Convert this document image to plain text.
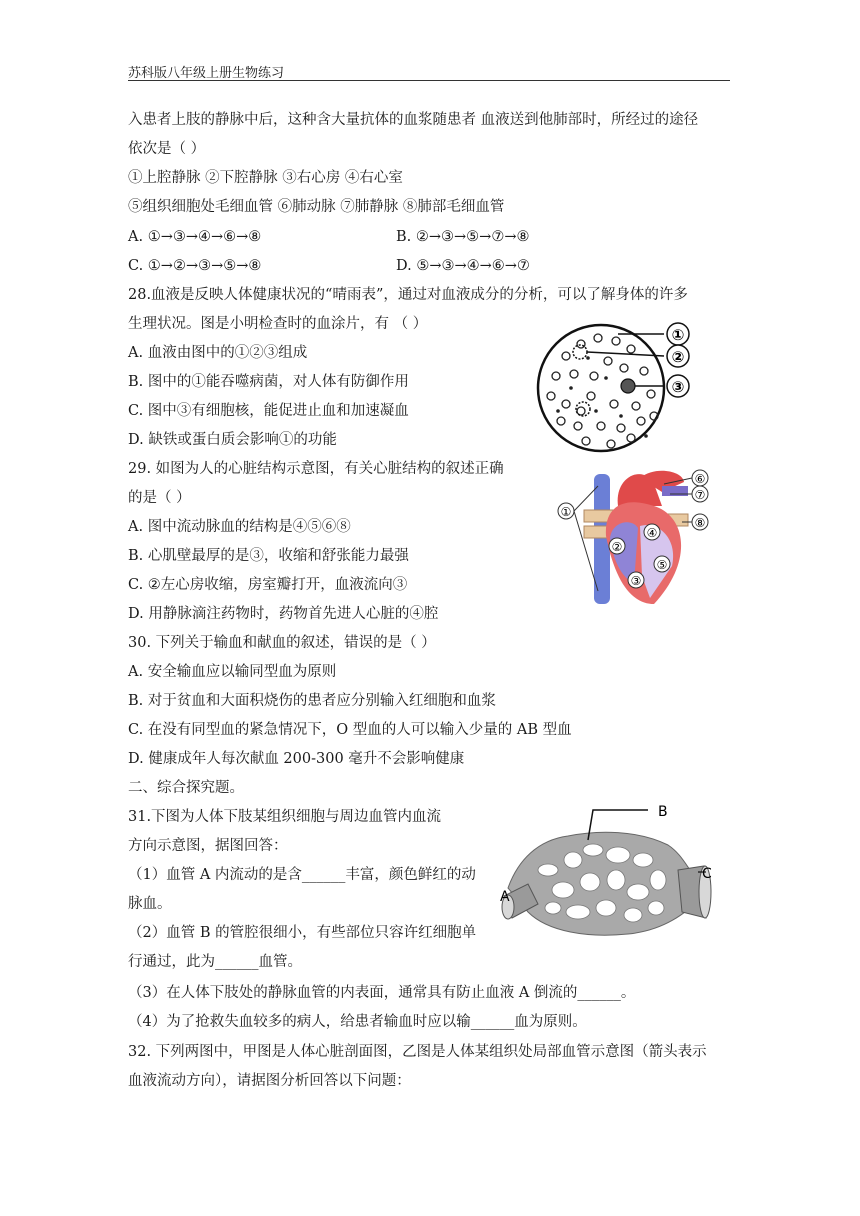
苏科版八年级上册生物练习
入患者上肢的静脉中后，这种含大量抗体的血浆随患者 血液送到他肺部时，所经过的途径
依次是（ ）
①上腔静脉 ②下腔静脉 ③右心房 ④右心室
⑤组织细胞处毛细血管 ⑥肺动脉 ⑦肺静脉 ⑧肺部毛细血管
A. ①→③→④→⑥→⑧	B. ②→③→⑤→⑦→⑧
C. ①→②→③→⑤→⑧	D. ⑤→③→④→⑥→⑦
28.血液是反映人体健康状况的“晴雨表”，通过对血液成分的分析，可以了解身体的许多
生理状况。图是小明检查时的血涂片，有 （ ）
A. 血液由图中的①②③组成
B. 图中的①能吞噬病菌，对人体有防御作用
C. 图中③有细胞核，能促进止血和加速凝血
D. 缺铁或蛋白质会影响①的功能
29. 如图为人的心脏结构示意图，有关心脏结构的叙述正确
的是（ ）
A. 图中流动脉血的结构是④⑤⑥⑧
B. 心肌壁最厚的是③，收缩和舒张能力最强
C. ②左心房收缩，房室瓣打开，血液流向③
D. 用静脉滴注药物时，药物首先进人心脏的④腔
30. 下列关于输血和献血的叙述，错误的是（ ）
A. 安全输血应以输同型血为原则
B. 对于贫血和大面积烧伤的患者应分别输入红细胞和血浆
C. 在没有同型血的紧急情况下，O 型血的人可以输入少量的 AB 型血
D. 健康成年人每次献血 200-300 毫升不会影响健康
二、综合探究题。
31.下图为人体下肢某组织细胞与周边血管内血流
方向示意图，据图回答：
（1）血管 A 内流动的是含______丰富，颜色鲜红的动
脉血。
（2）血管 B 的管腔很细小，有些部位只容许红细胞单
行通过，此为______血管。
（3）在人体下肢处的静脉血管的内表面，通常具有防止血液 A 倒流的______。
（4）为了抢救失血较多的病人，给患者输血时应以输______血为原则。
32. 下列两图中，甲图是人体心脏剖面图，乙图是人体某组织处局部血管示意图（箭头表示
血液流动方向），请据图分析回答以下问题：
①
②
③
①
②
③
④
⑤
⑥
⑦
⑧
B
C
A
